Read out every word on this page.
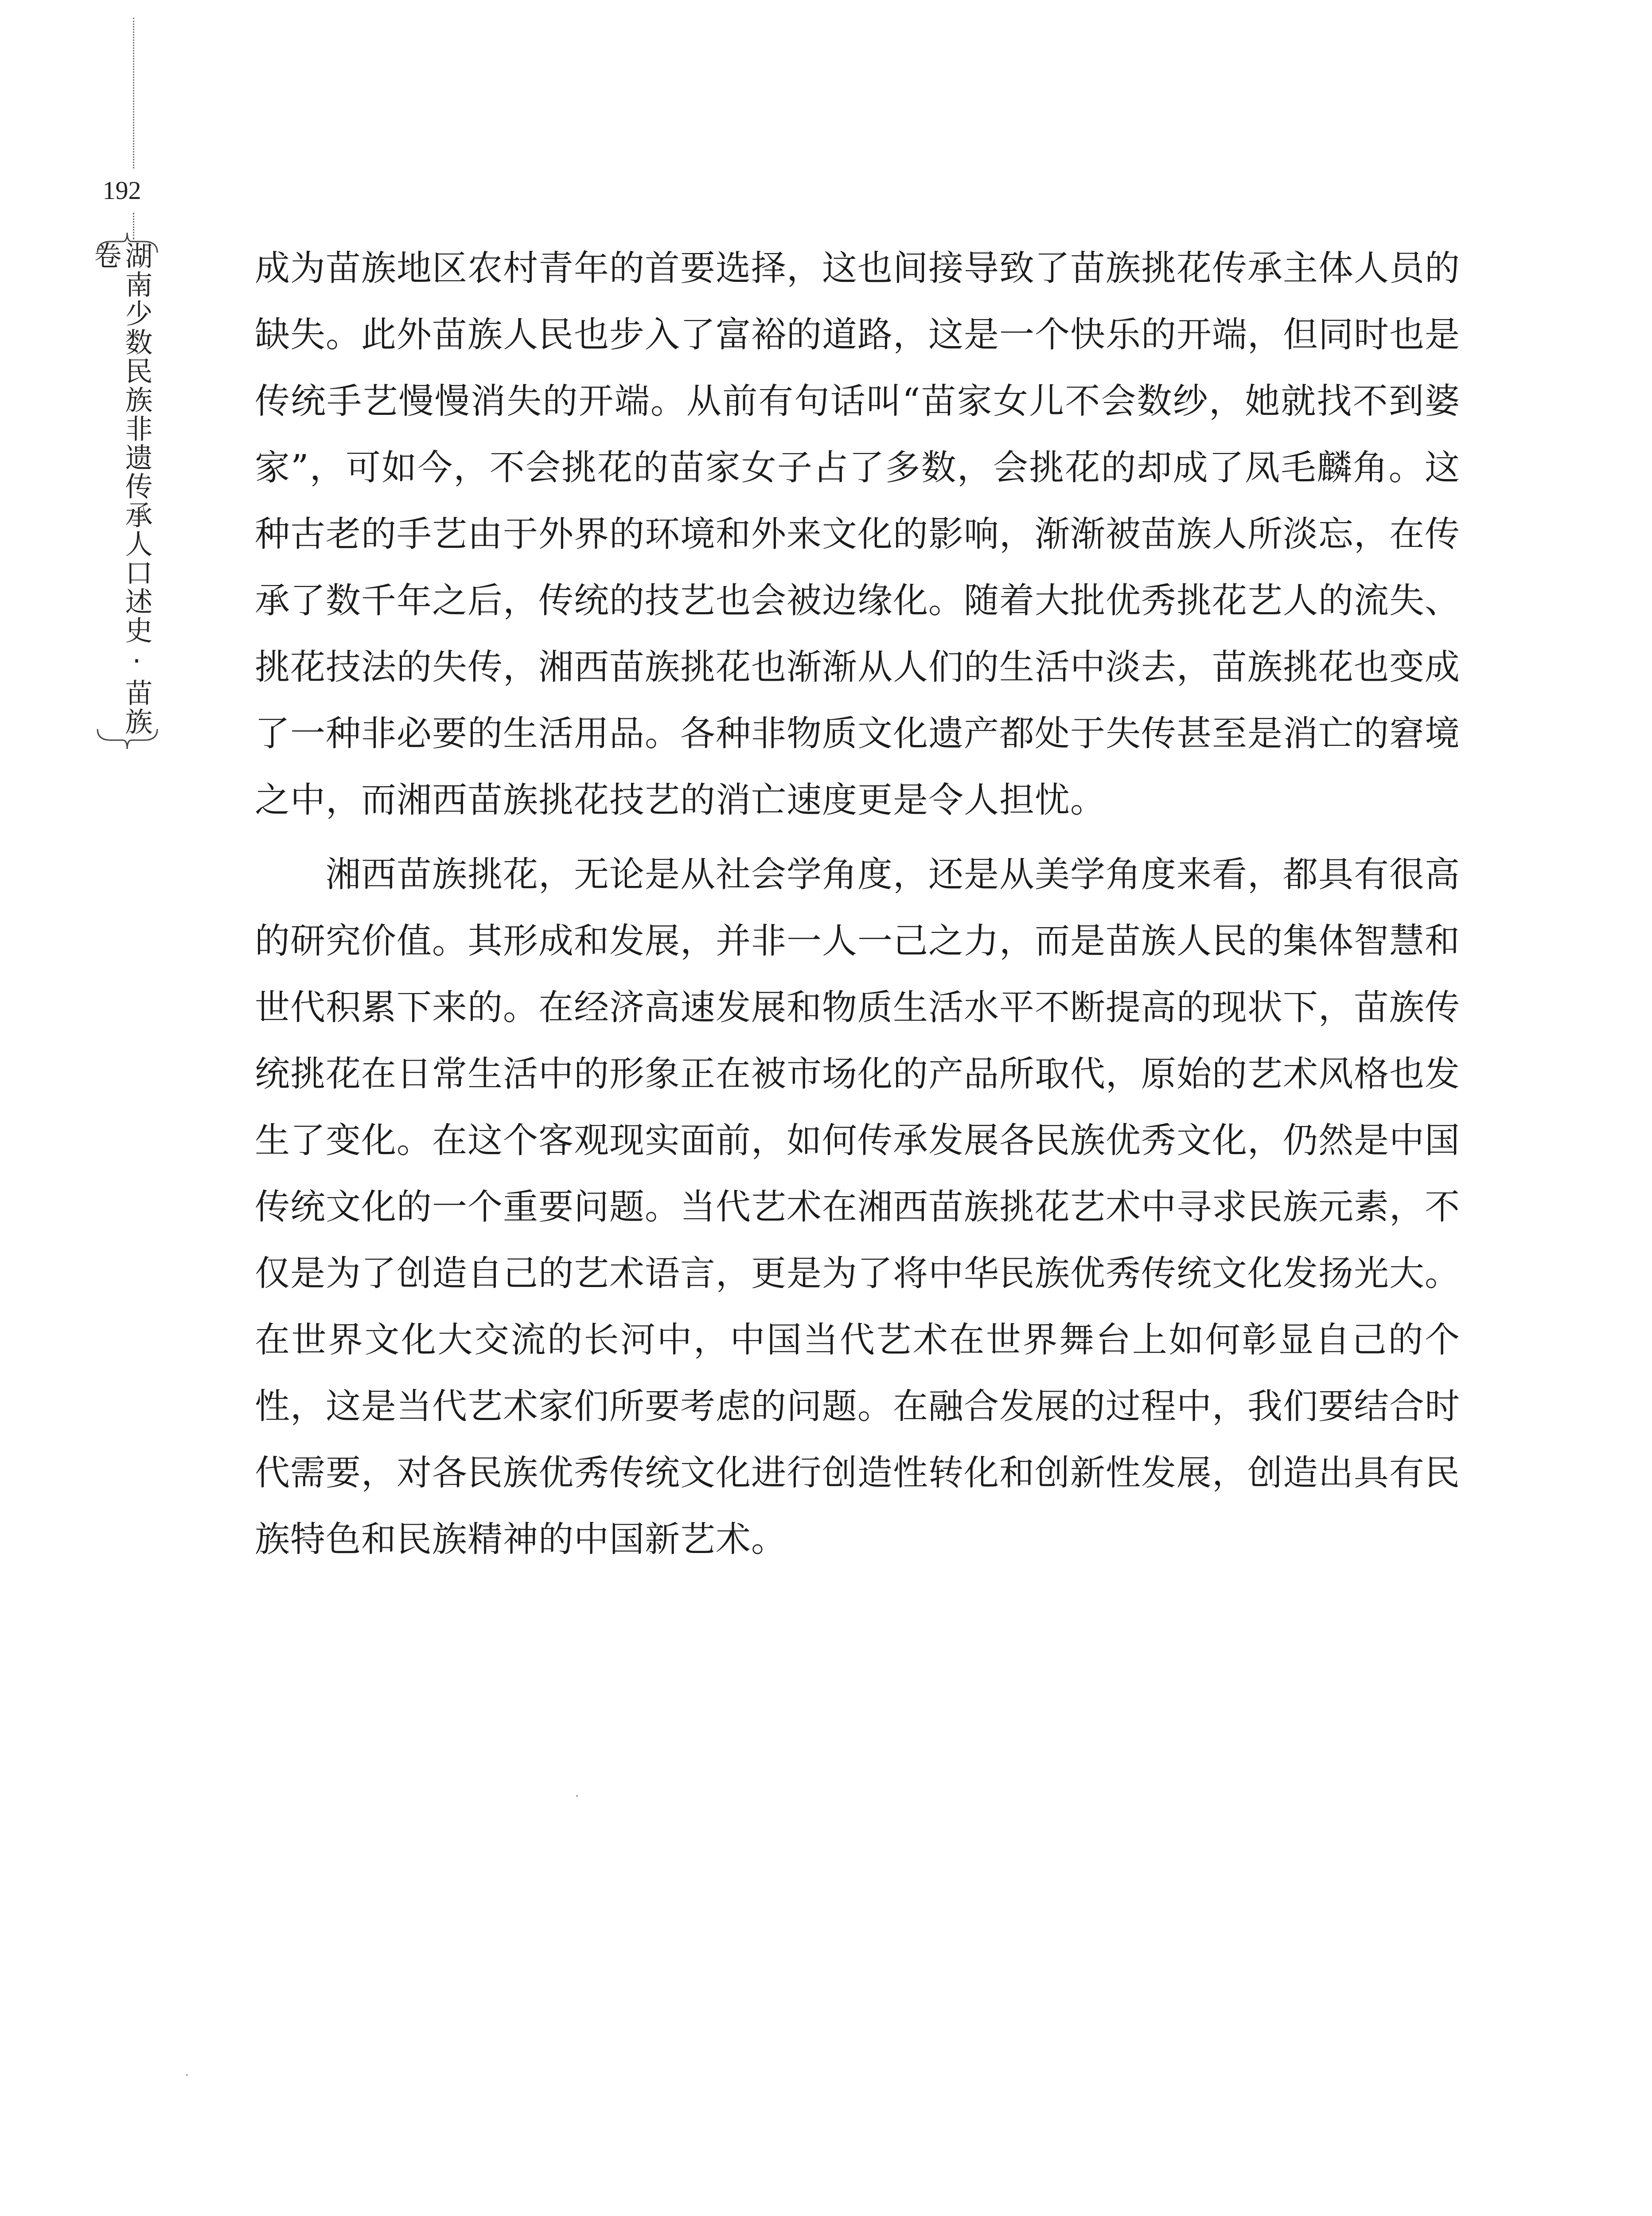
192
湖南少数民族非遗传承人口述史·苗族卷	成为苗族地区农村青年的首要选择，这也间接导致了苗族挑花传承主体人员的缺失。此外苗族人民也步入了富裕的道路，这是一个快乐的开端，但同时也是传统手艺慢慢消失的开端。从前有句话叫“苗家女儿不会数纱，她就找不到婆家”，可如今，不会挑花的苗家女子占了多数，会挑花的却成了凤毛麟角。这种古老的手艺由于外界的环境和外来文化的影响，渐渐被苗族人所淡忘，在传承了数千年之后，传统的技艺也会被边缘化。随着大批优秀挑花艺人的流失、挑花技法的失传，湘西苗族挑花也渐渐从人们的生活中淡去，苗族挑花也变成了一种非必要的生活用品。各种非物质文化遗产都处于失传甚至是消亡的窘境之中，而湘西苗族挑花技艺的消亡速度更是令人担忧。

湘西苗族挑花，无论是从社会学角度，还是从美学角度来看，都具有很高的研究价值。其形成和发展，并非一人一己之力，而是苗族人民的集体智慧和世代积累下来的。在经济高速发展和物质生活水平不断提高的现状下，苗族传统挑花在日常生活中的形象正在被市场化的产品所取代，原始的艺术风格也发生了变化。在这个客观现实面前，如何传承发展各民族优秀文化，仍然是中国传统文化的一个重要问题。当代艺术在湘西苗族挑花艺术中寻求民族元素，不仅是为了创造自己的艺术语言，更是为了将中华民族优秀传统文化发扬光大。在世界文化大交流的长河中，中国当代艺术在世界舞台上如何彰显自己的个性，这是当代艺术家们所要考虑的问题。在融合发展的过程中，我们要结合时代需要，对各民族优秀传统文化进行创造性转化和创新性发展，创造出具有民族特色和民族精神的中国新艺术。
